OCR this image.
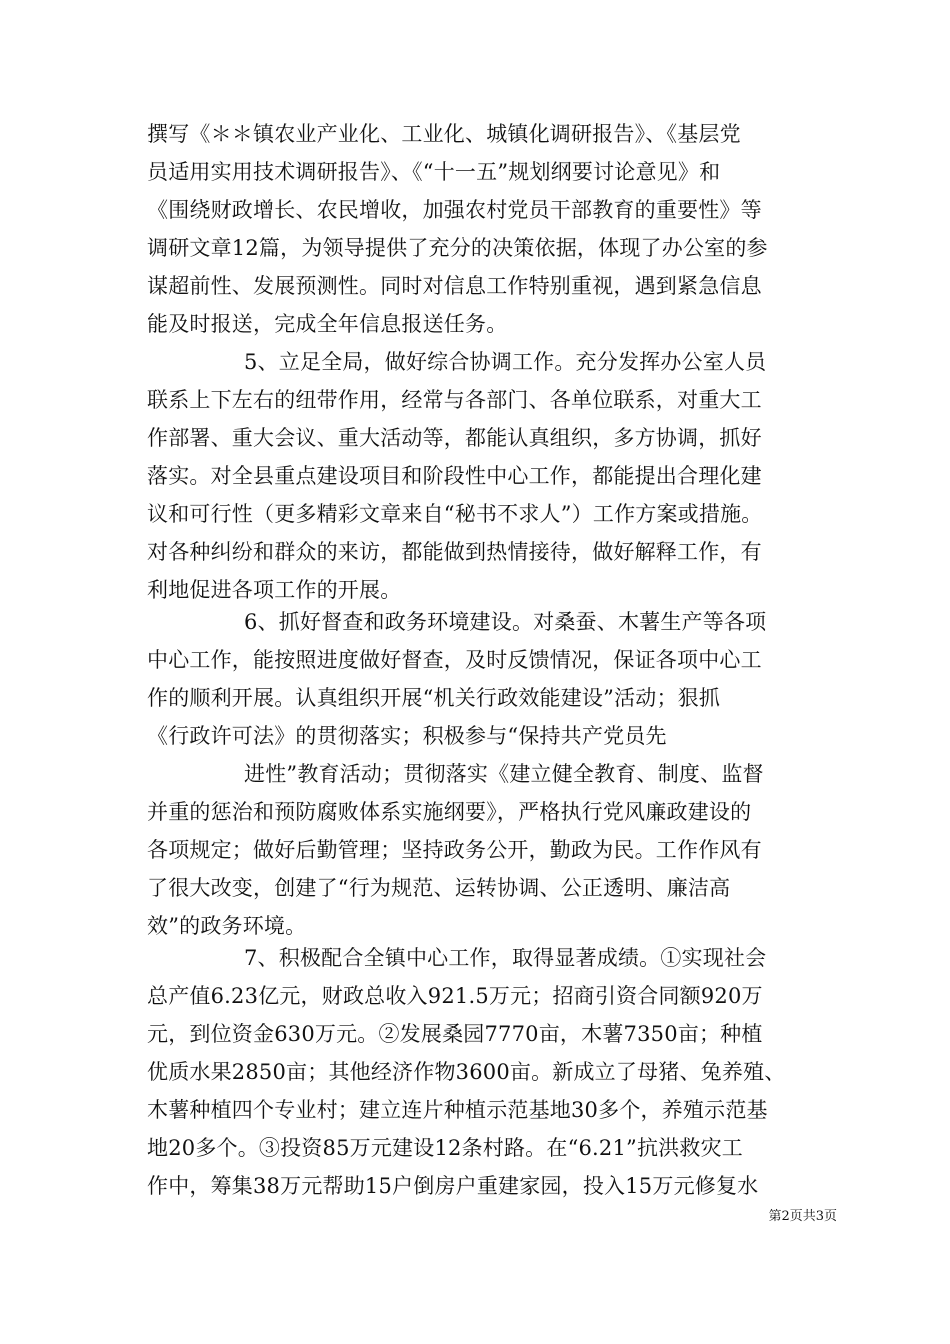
撰写《＊＊镇农业产业化、工业化、城镇化调研报告》、《基层党
员适用实用技术调研报告》、《“十一五”规划纲要讨论意见》和
《围绕财政增长、农民增收，加强农村党员干部教育的重要性》等
调研文章12篇，为领导提供了充分的决策依据，体现了办公室的参
谋超前性、发展预测性。同时对信息工作特别重视，遇到紧急信息
能及时报送，完成全年信息报送任务。
5、立足全局，做好综合协调工作。充分发挥办公室人员
联系上下左右的纽带作用，经常与各部门、各单位联系，对重大工
作部署、重大会议、重大活动等，都能认真组织，多方协调，抓好
落实。对全县重点建设项目和阶段性中心工作，都能提出合理化建
议和可行性（更多精彩文章来自“秘书不求人”）工作方案或措施。
对各种纠纷和群众的来访，都能做到热情接待，做好解释工作，有
利地促进各项工作的开展。
6、抓好督查和政务环境建设。对桑蚕、木薯生产等各项
中心工作，能按照进度做好督查，及时反馈情况，保证各项中心工
作的顺利开展。认真组织开展“机关行政效能建设”活动；狠抓
《行政许可法》的贯彻落实；积极参与“保持共产党员先
进性”教育活动；贯彻落实《建立健全教育、制度、监督
并重的惩治和预防腐败体系实施纲要》，严格执行党风廉政建设的
各项规定；做好后勤管理；坚持政务公开，勤政为民。工作作风有
了很大改变，创建了“行为规范、运转协调、公正透明、廉洁高
效”的政务环境。
7、积极配合全镇中心工作，取得显著成绩。①实现社会
总产值6.23亿元，财政总收入921.5万元；招商引资合同额920万
元，到位资金630万元。②发展桑园7770亩，木薯7350亩；种植
优质水果2850亩；其他经济作物3600亩。新成立了母猪、兔养殖、
木薯种植四个专业村；建立连片种植示范基地30多个，养殖示范基
地20多个。③投资85万元建设12条村路。在“6.21”抗洪救灾工
作中，筹集38万元帮助15户倒房户重建家园，投入15万元修复水
第2页共3页
